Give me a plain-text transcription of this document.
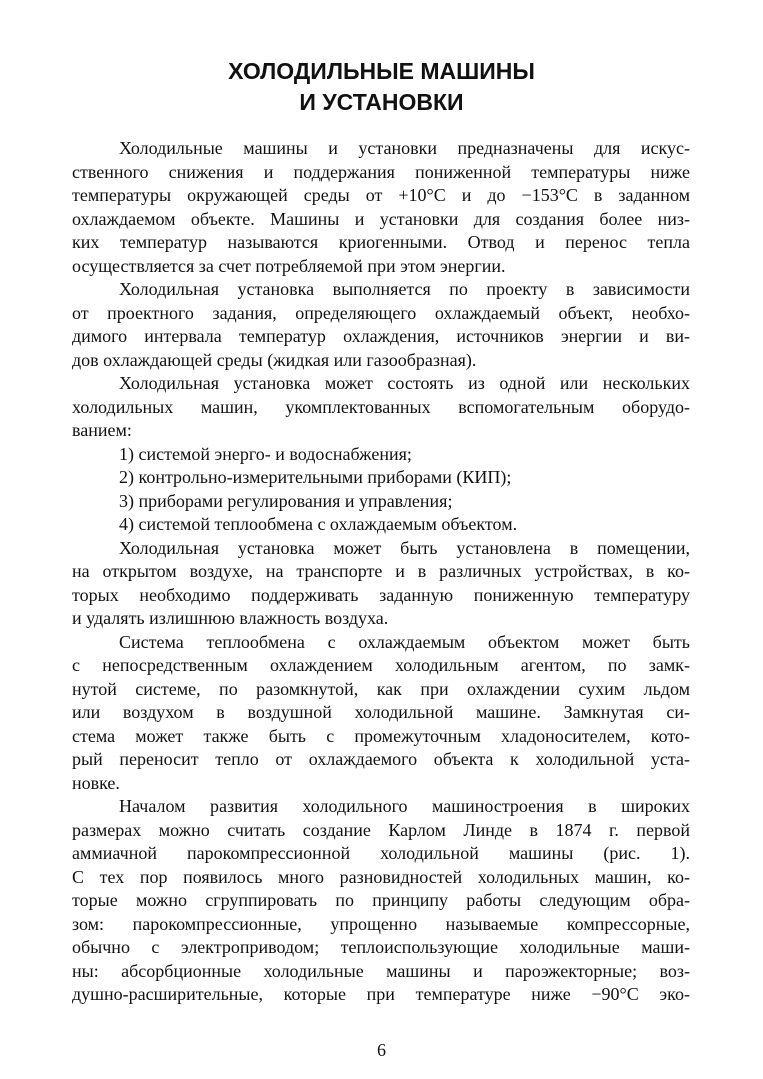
ХОЛОДИЛЬНЫЕ МАШИНЫ
И УСТАНОВКИ
Холодильные машины и установки предназначены для искус-
ственного снижения и поддержания пониженной температуры ниже
температуры окружающей среды от +10°С и до −153°С в заданном
охлаждаемом объекте. Машины и установки для создания более низ-
ких температур называются криогенными. Отвод и перенос тепла
осуществляется за счет потребляемой при этом энергии.
Холодильная установка выполняется по проекту в зависимости
от проектного задания, определяющего охлаждаемый объект, необхо-
димого интервала температур охлаждения, источников энергии и ви-
дов охлаждающей среды (жидкая или газообразная).
Холодильная установка может состоять из одной или нескольких
холодильных машин, укомплектованных вспомогательным оборудо-
ванием:
1) системой энерго- и водоснабжения;
2) контрольно-измерительными приборами (КИП);
3) приборами регулирования и управления;
4) системой теплообмена с охлаждаемым объектом.
Холодильная установка может быть установлена в помещении,
на открытом воздухе, на транспорте и в различных устройствах, в ко-
торых необходимо поддерживать заданную пониженную температуру
и удалять излишнюю влажность воздуха.
Система теплообмена с охлаждаемым объектом может быть
с непосредственным охлаждением холодильным агентом, по замк-
нутой системе, по разомкнутой, как при охлаждении сухим льдом
или воздухом в воздушной холодильной машине. Замкнутая си-
стема может также быть с промежуточным хладоносителем, кото-
рый переносит тепло от охлаждаемого объекта к холодильной уста-
новке.
Началом развития холодильного машиностроения в широких
размерах можно считать создание Карлом Линде в 1874 г. первой
аммиачной парокомпрессионной холодильной машины (рис. 1).
С тех пор появилось много разновидностей холодильных машин, ко-
торые можно сгруппировать по принципу работы следующим обра-
зом: парокомпрессионные, упрощенно называемые компрессорные,
обычно с электроприводом; теплоиспользующие холодильные маши-
ны: абсорбционные холодильные машины и пароэжекторные; воз-
душно-расширительные, которые при температуре ниже −90°С эко-
6
